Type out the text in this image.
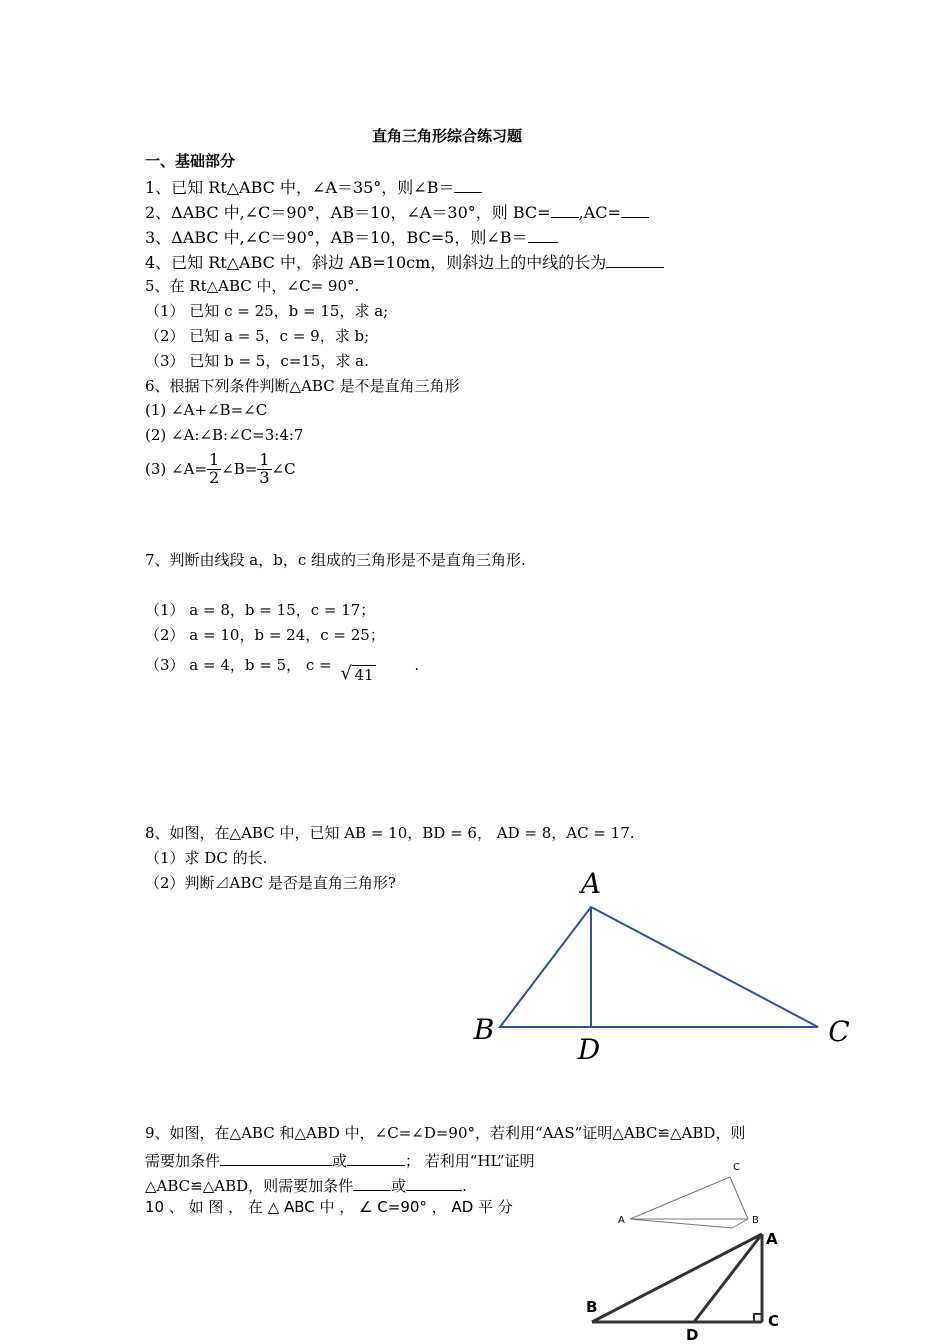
直角三角形综合练习题
一、基础部分
1、已知 Rt△ABC 中，∠A＝35°，则∠B＝
2、ΔABC 中,∠C＝90°，AB＝10，∠A＝30°，则 BC= ,AC=
3、ΔABC 中,∠C＝90°，AB＝10，BC=5，则∠B＝
4、已知 Rt△ABC 中，斜边 AB=10cm，则斜边上的中线的长为
5、在 Rt△ABC 中，∠C= 90°.
（1） 已知 c = 25，b = 15，求 a;
（2） 已知 a = 5，c = 9，求 b;
（3） 已知 b = 5，c=15，求 a.
6、根据下列条件判断△ABC 是不是直角三角形
(1) ∠A+∠B=∠C
(2) ∠A:∠B:∠C=3:4:7
(3) ∠A= $\frac{1}{2}$ ∠B= $\frac{1}{3}$ ∠C
7、判断由线段 a，b，c 组成的三角形是不是直角三角形.
（1） a = 8，b = 15，c = 17；
（2） a = 10，b = 24，c = 25；
（3） a = 4，b = 5， c = √ 41 .
8、如图，在△ABC 中，已知 AB = 10，BD = 6， AD = 8，AC = 17.
（1）求 DC 的长.
（2）判断⊿ABC 是否是直角三角形?	A
B	C
D
9、如图，在△ABC 和△ABD 中，∠C=∠D=90°，若利用“AAS”证明△ABC≌△ABD，则
需要加条件	或	； 若利用“HL”证明
△ABC≌△ABD，则需要加条件	或	.
10 、 如 图 ， 在 △ ABC 中 ， ∠ C=90° ， AD 平 分
C
A	B
A
B
C
D
